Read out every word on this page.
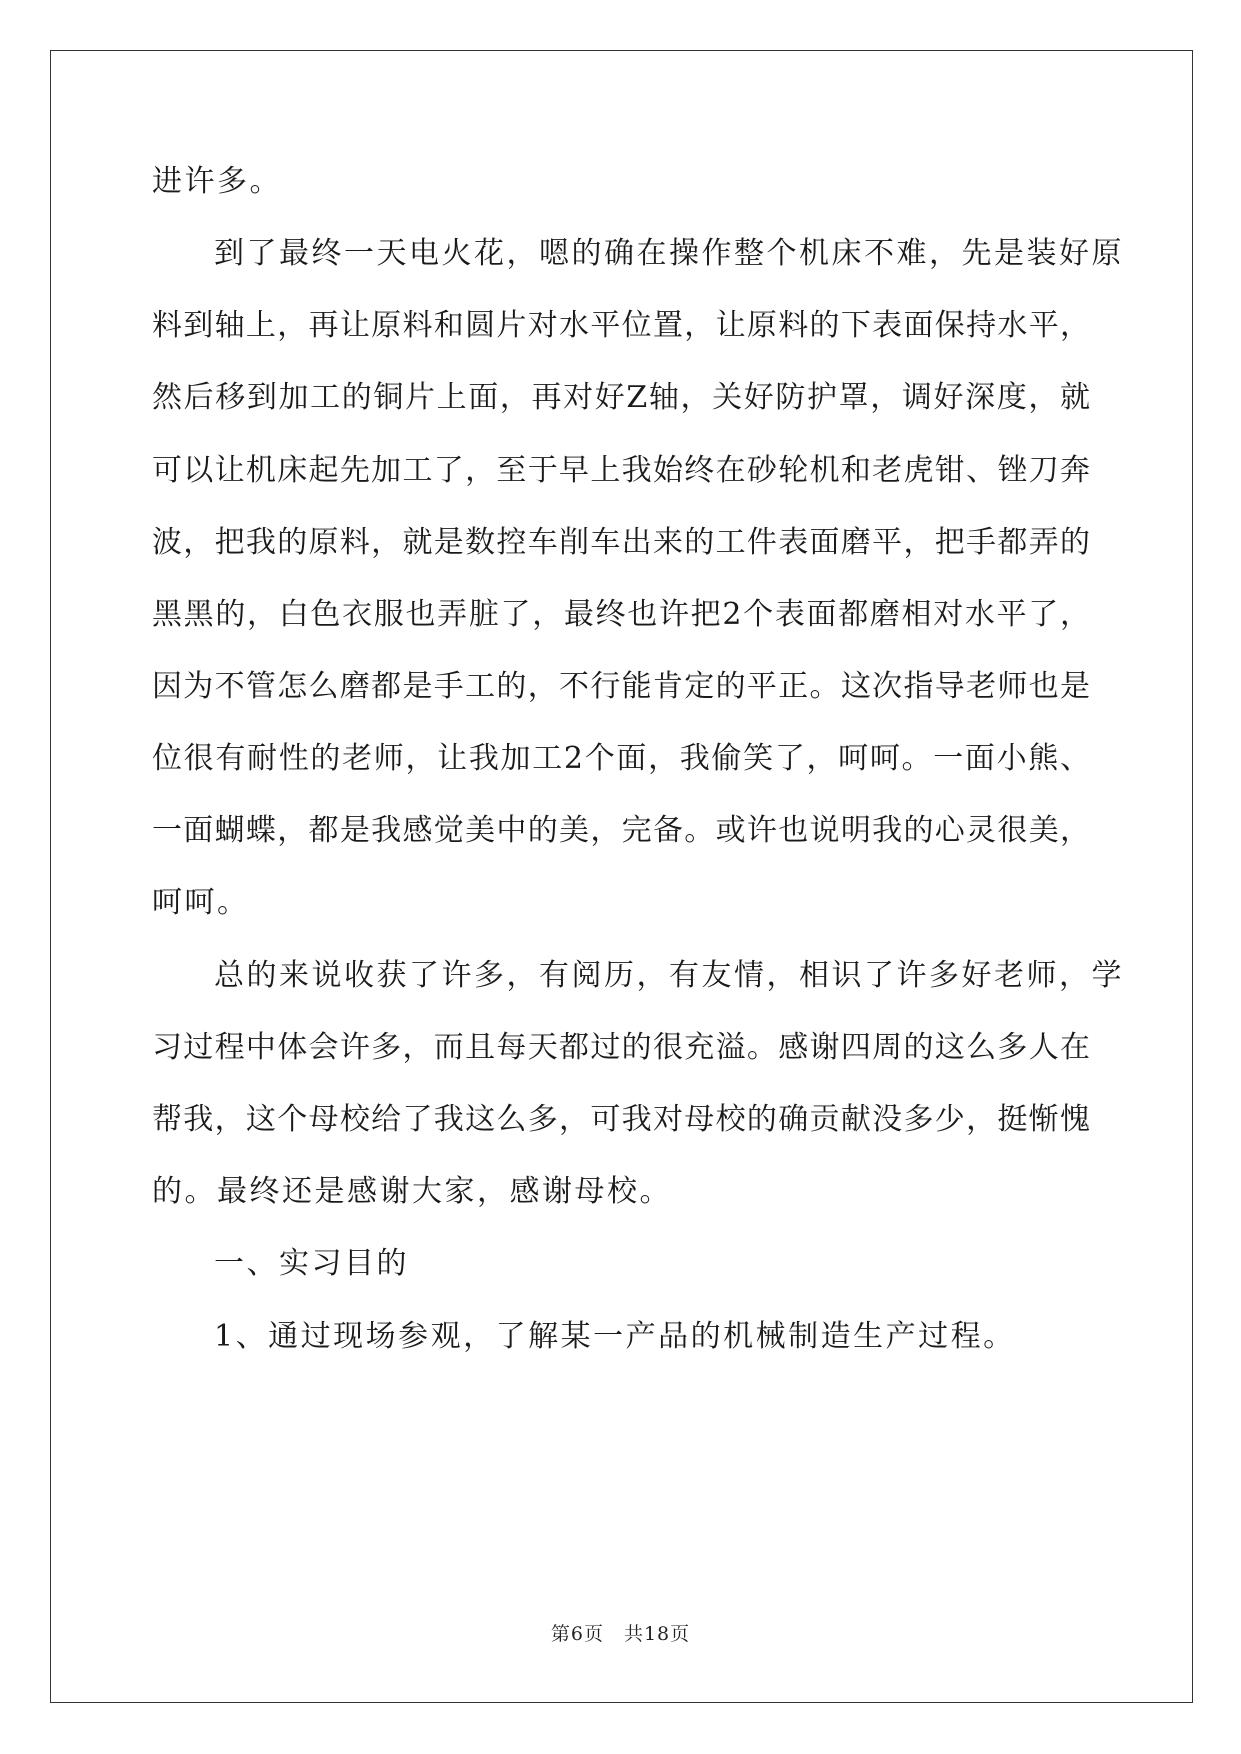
进许多。
到了最终一天电火花，嗯的确在操作整个机床不难，先是装好原
料到轴上，再让原料和圆片对水平位置，让原料的下表面保持水平，
然后移到加工的铜片上面，再对好Z轴，关好防护罩，调好深度，就
可以让机床起先加工了，至于早上我始终在砂轮机和老虎钳、锉刀奔
波，把我的原料，就是数控车削车出来的工件表面磨平，把手都弄的
黑黑的，白色衣服也弄脏了，最终也许把2个表面都磨相对水平了，
因为不管怎么磨都是手工的，不行能肯定的平正。这次指导老师也是
位很有耐性的老师，让我加工2个面，我偷笑了，呵呵。一面小熊、
一面蝴蝶，都是我感觉美中的美，完备。或许也说明我的心灵很美，
呵呵。
总的来说收获了许多，有阅历，有友情，相识了许多好老师，学
习过程中体会许多，而且每天都过的很充溢。感谢四周的这么多人在
帮我，这个母校给了我这么多，可我对母校的确贡献没多少，挺惭愧
的。最终还是感谢大家，感谢母校。
一、实习目的
1、通过现场参观，了解某一产品的机械制造生产过程。
第6页 共18页
